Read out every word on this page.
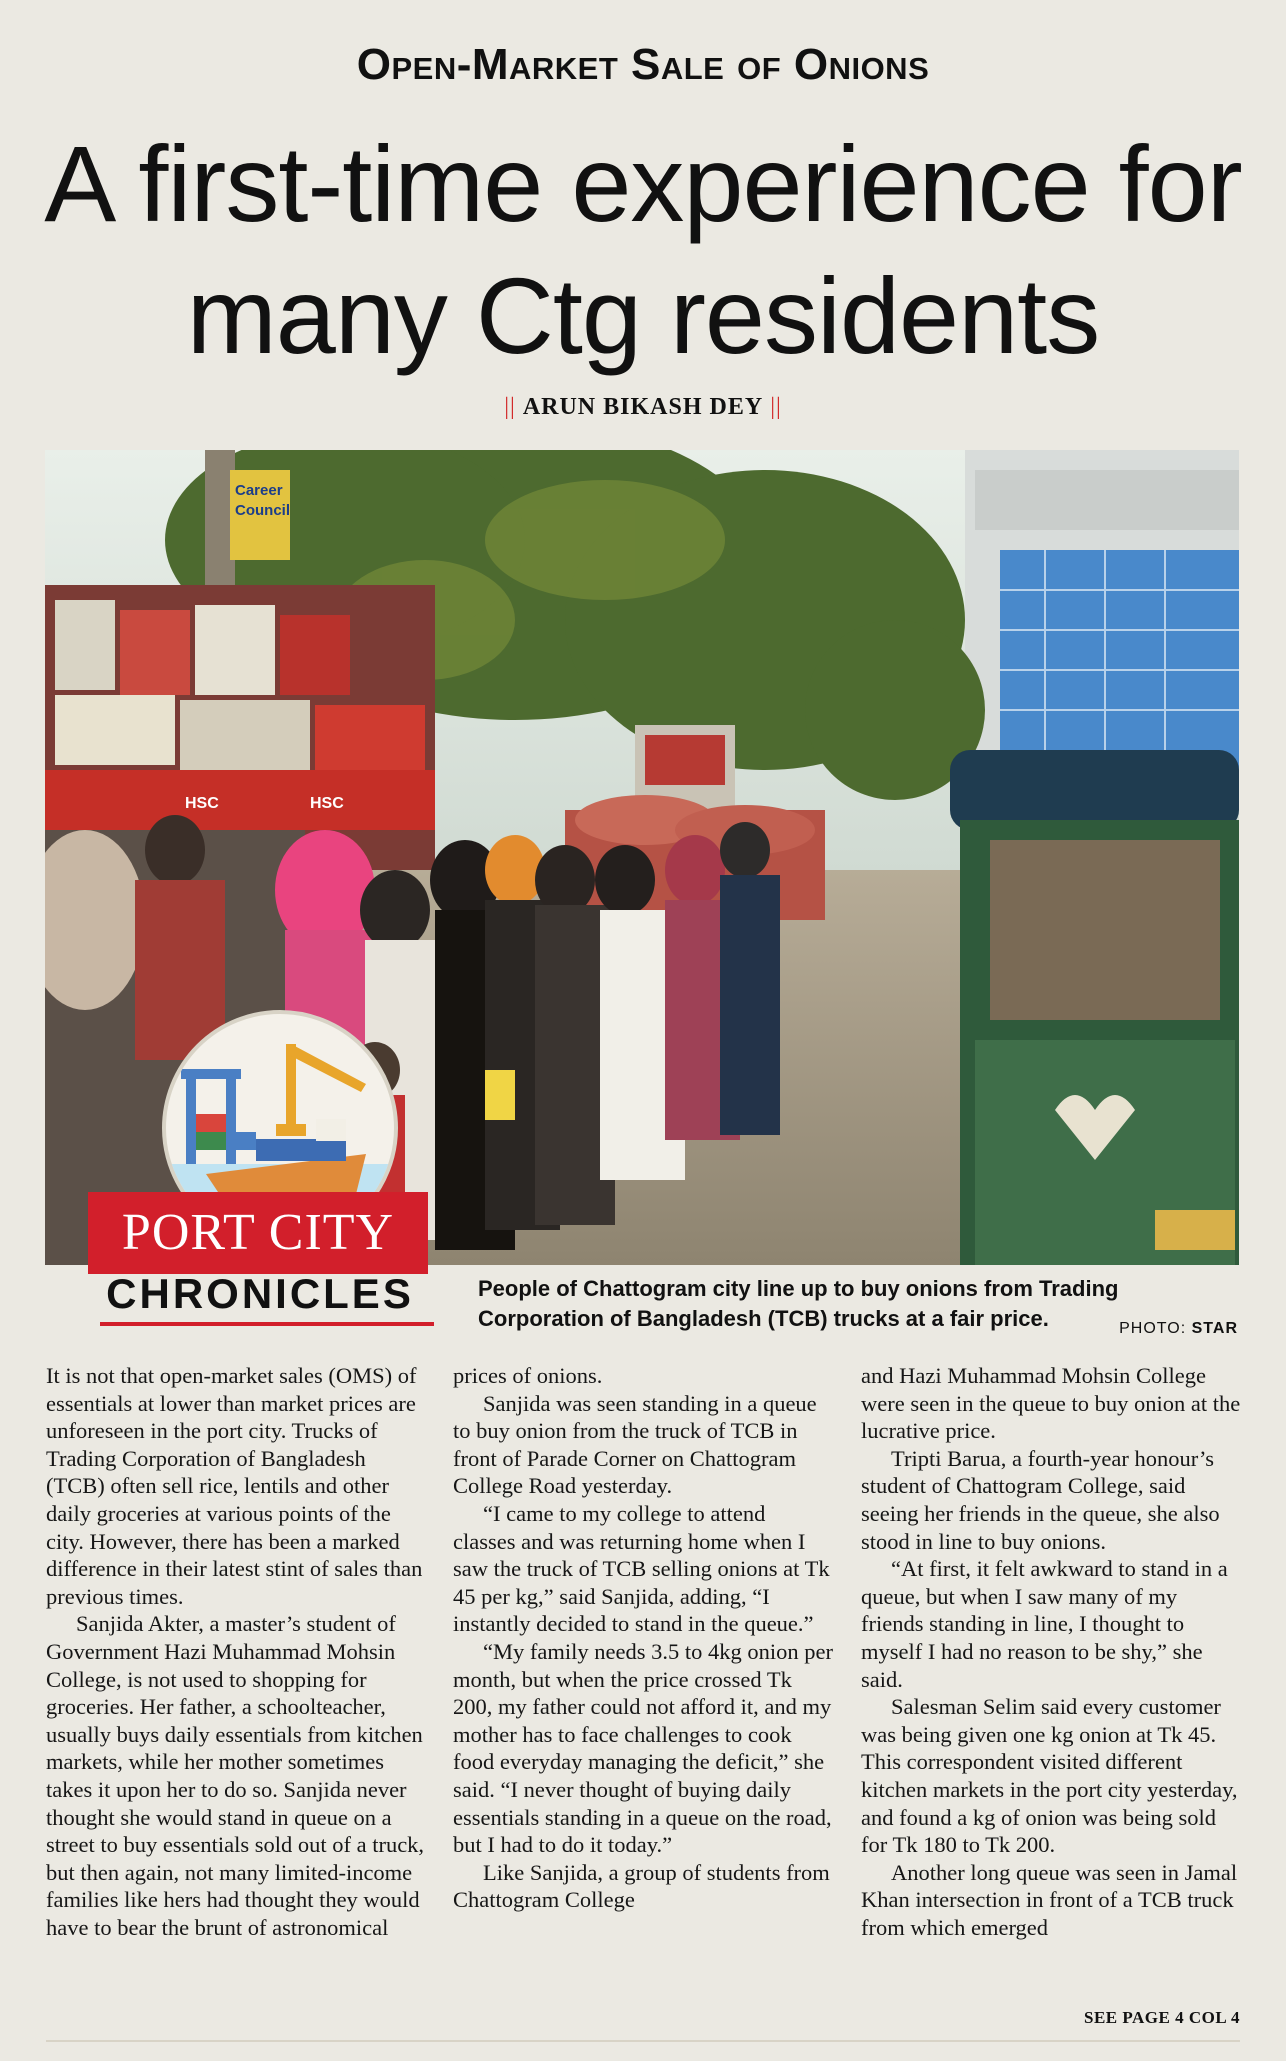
Open-Market Sale of Onions
A first-time experience for
many Ctg residents
|| ARUN BIKASH DEY ||
Career
Council
HSC	HSC
PORT CITY
CHRONICLES	People of Chattogram city line up to buy onions from Trading Corporation of Bangladesh (TCB) trucks at a fair price.	PHOTO: STAR

It is not that open-market sales (OMS) of essentials at lower than market prices are unforeseen in the port city. Trucks of Trading Corporation of Bangladesh (TCB) often sell rice, lentils and other daily groceries at various points of the city. However, there has been a marked difference in their latest stint of sales than previous times.

Sanjida Akter, a master’s student of Government Hazi Muhammad Mohsin College, is not used to shopping for groceries. Her father, a schoolteacher, usually buys daily essentials from kitchen markets, while her mother sometimes takes it upon her to do so. Sanjida never thought she would stand in queue on a street to buy essentials sold out of a truck, but then again, not many limited-income families like hers had thought they would have to bear the brunt of astronomical

prices of onions.

Sanjida was seen standing in a queue to buy onion from the truck of TCB in front of Parade Corner on Chattogram College Road yesterday.

“I came to my college to attend classes and was returning home when I saw the truck of TCB selling onions at Tk 45 per kg,” said Sanjida, adding, “I instantly decided to stand in the queue.”

“My family needs 3.5 to 4kg onion per month, but when the price crossed Tk 200, my father could not afford it, and my mother has to face challenges to cook food everyday managing the deficit,” she said. “I never thought of buying daily essentials standing in a queue on the road, but I had to do it today.”

Like Sanjida, a group of students from Chattogram College

and Hazi Muhammad Mohsin College were seen in the queue to buy onion at the lucrative price.

Tripti Barua, a fourth-year honour’s student of Chattogram College, said seeing her friends in the queue, she also stood in line to buy onions.

“At first, it felt awkward to stand in a queue, but when I saw many of my friends standing in line, I thought to myself I had no reason to be shy,” she said.

Salesman Selim said every customer was being given one kg onion at Tk 45. This correspondent visited different kitchen markets in the port city yesterday, and found a kg of onion was being sold for Tk 180 to Tk 200.

Another long queue was seen in Jamal Khan intersection in front of a TCB truck from which emerged

SEE PAGE 4 COL 4
